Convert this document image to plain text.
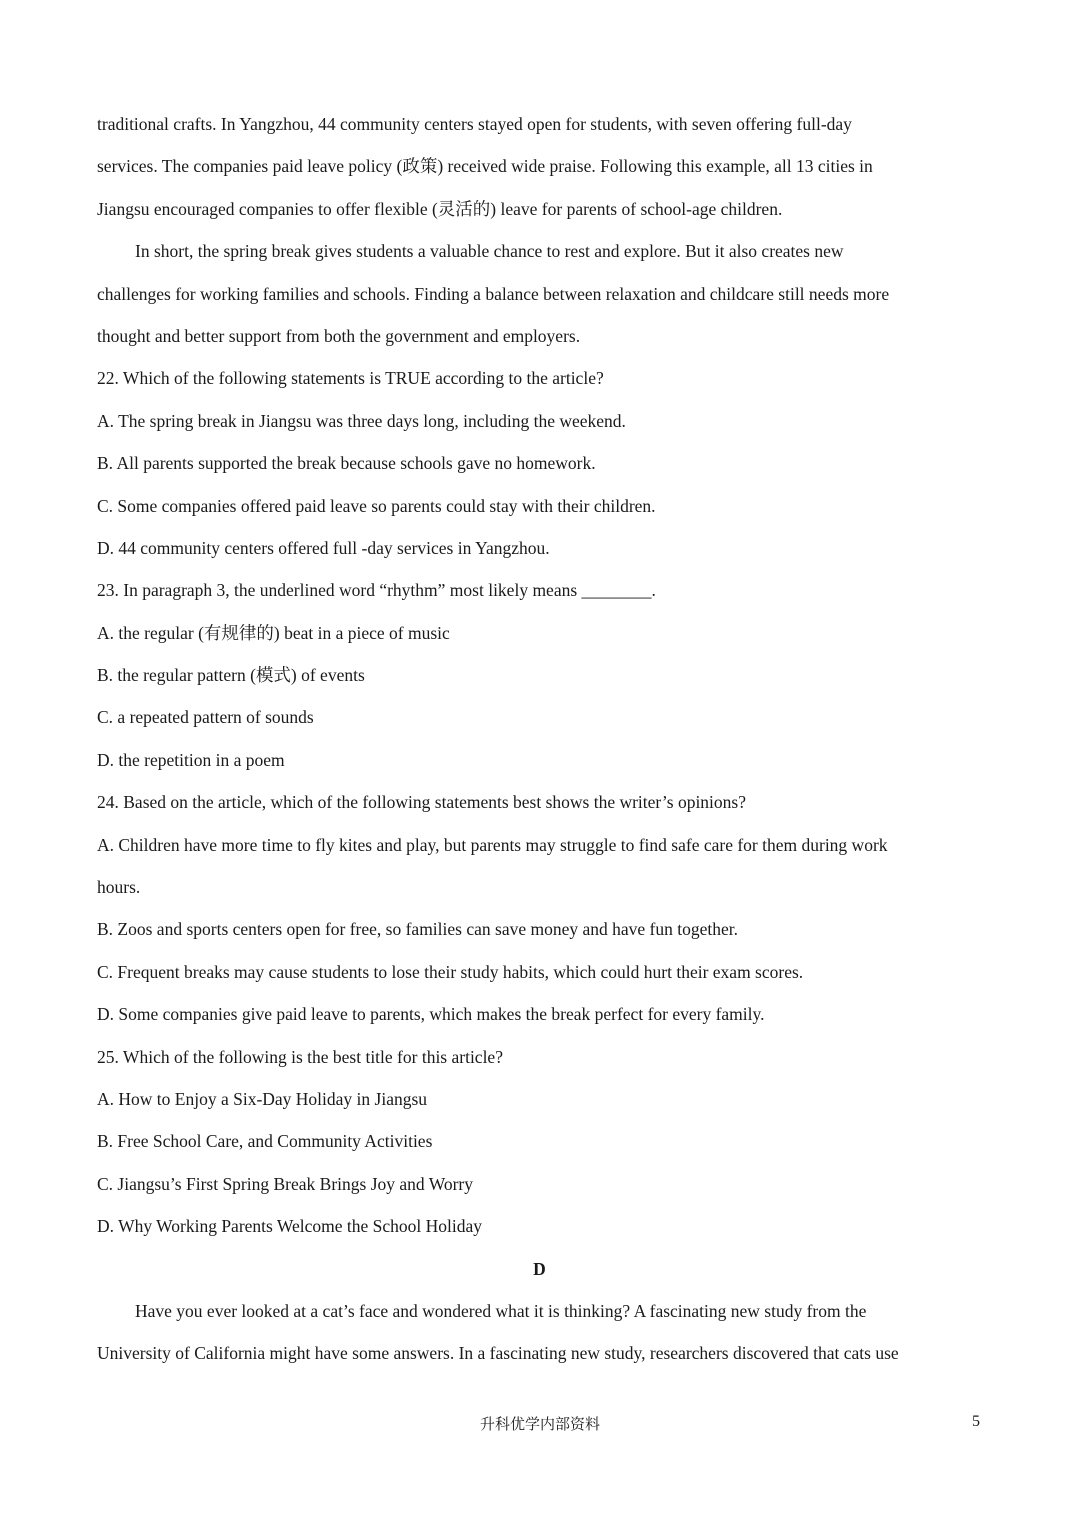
traditional crafts. In Yangzhou, 44 community centers stayed open for students, with seven offering full-day
services. The companies paid leave policy (政策) received wide praise. Following this example, all 13 cities in
Jiangsu encouraged companies to offer flexible (灵活的) leave for parents of school-age children.
In short, the spring break gives students a valuable chance to rest and explore. But it also creates new
challenges for working families and schools. Finding a balance between relaxation and childcare still needs more
thought and better support from both the government and employers.
22. Which of the following statements is TRUE according to the article?
A. The spring break in Jiangsu was three days long, including the weekend.
B. All parents supported the break because schools gave no homework.
C. Some companies offered paid leave so parents could stay with their children.
D. 44 community centers offered full -day services in Yangzhou.
23. In paragraph 3, the underlined word “rhythm” most likely means ________.
A. the regular (有规律的) beat in a piece of music
B. the regular pattern (模式) of events
C. a repeated pattern of sounds
D. the repetition in a poem
24. Based on the article, which of the following statements best shows the writer’s opinions?
A. Children have more time to fly kites and play, but parents may struggle to find safe care for them during work
hours.
B. Zoos and sports centers open for free, so families can save money and have fun together.
C. Frequent breaks may cause students to lose their study habits, which could hurt their exam scores.
D. Some companies give paid leave to parents, which makes the break perfect for every family.
25. Which of the following is the best title for this article?
A. How to Enjoy a Six-Day Holiday in Jiangsu
B. Free School Care, and Community Activities
C. Jiangsu’s First Spring Break Brings Joy and Worry
D. Why Working Parents Welcome the School Holiday
D
Have you ever looked at a cat’s face and wondered what it is thinking? A fascinating new study from the
University of California might have some answers. In a fascinating new study, researchers discovered that cats use
升科优学内部资料	5
